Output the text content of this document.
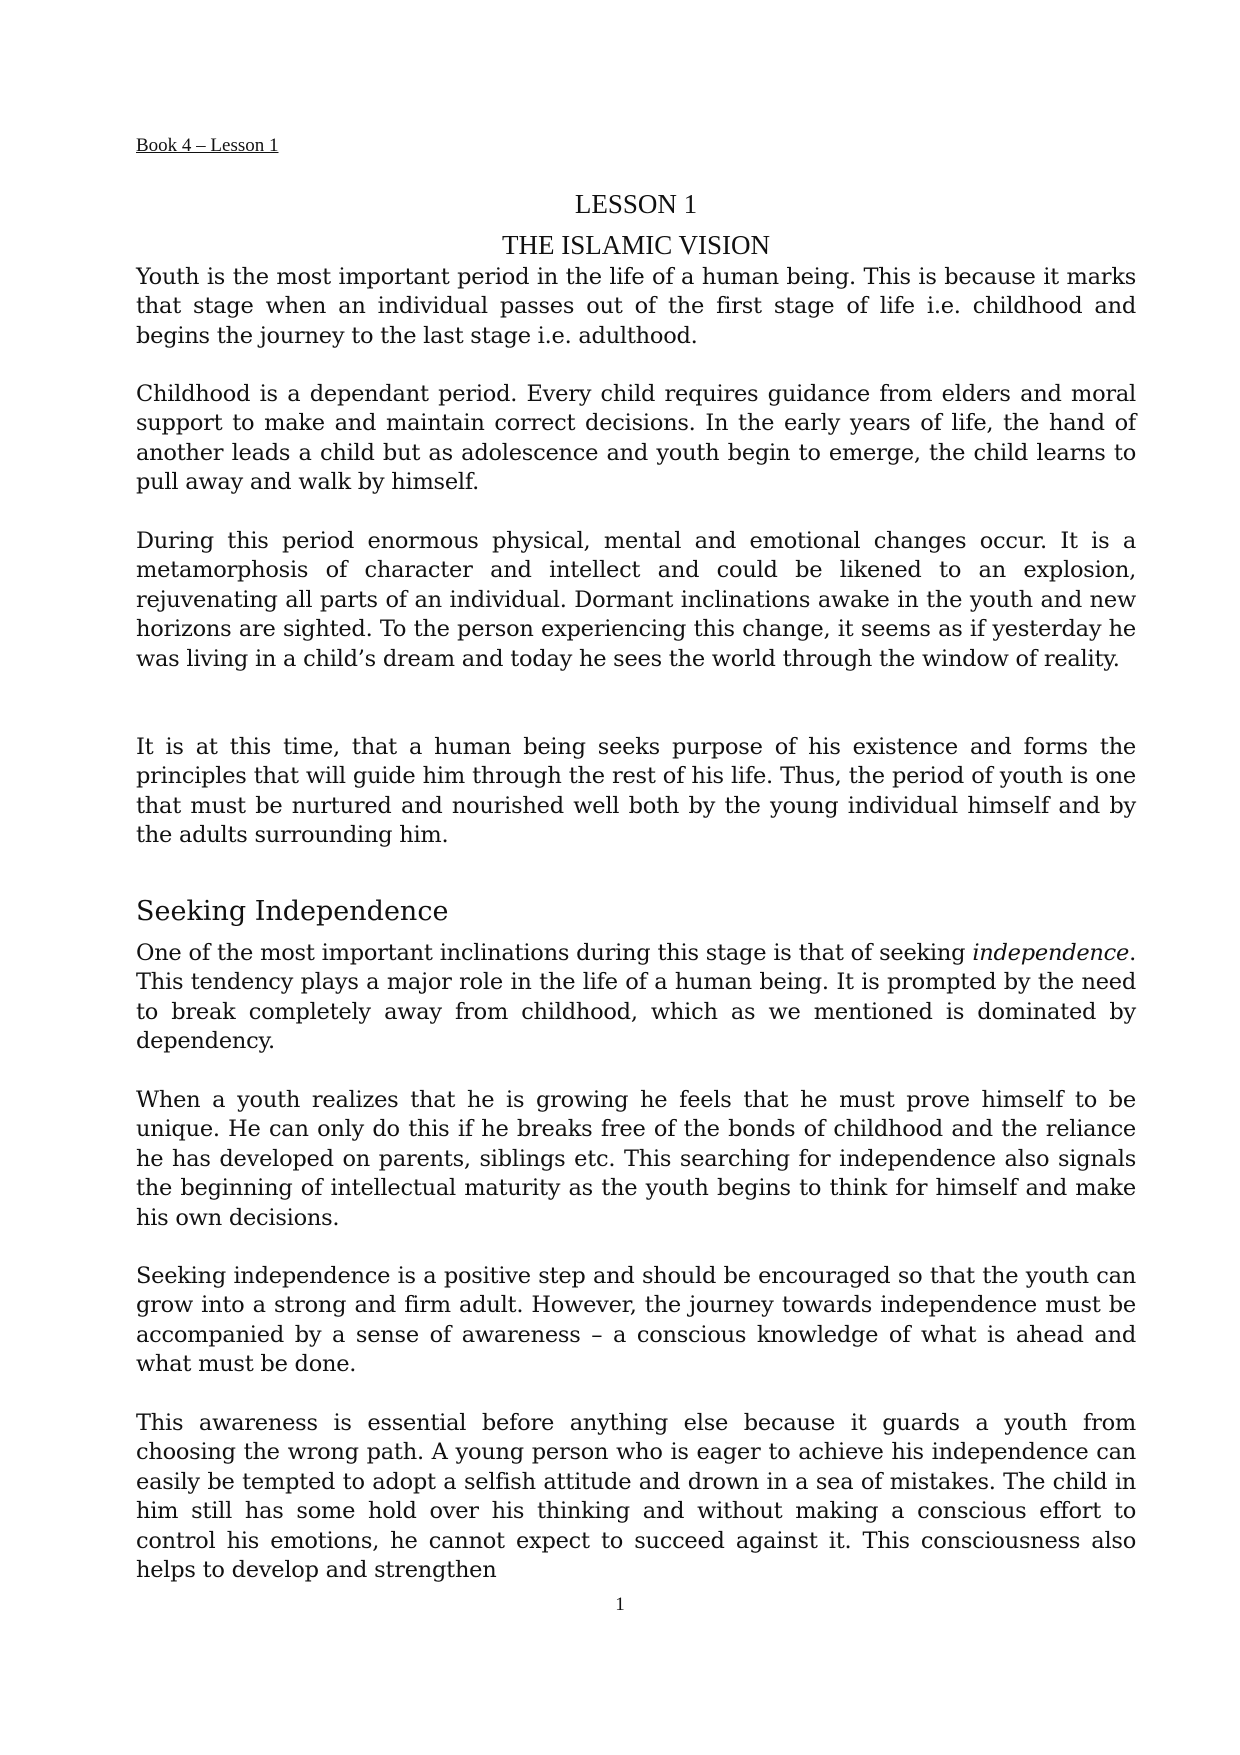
Book 4 – Lesson 1
LESSON 1
THE ISLAMIC VISION

Youth is the most important period in the life of a human being. This is because it marks that stage when an individual passes out of the first stage of life i.e. childhood and begins the journey to the last stage i.e. adulthood.

Childhood is a dependant period. Every child requires guidance from elders and moral support to make and maintain correct decisions. In the early years of life, the hand of another leads a child but as adolescence and youth begin to emerge, the child learns to pull away and walk by himself.

During this period enormous physical, mental and emotional changes occur. It is a metamorphosis of character and intellect and could be likened to an explosion, rejuvenating all parts of an individual. Dormant inclinations awake in the youth and new horizons are sighted. To the person experiencing this change, it seems as if yesterday he was living in a child’s dream and today he sees the world through the window of reality.

It is at this time, that a human being seeks purpose of his existence and forms the principles that will guide him through the rest of his life. Thus, the period of youth is one that must be nurtured and nourished well both by the young individual himself and by the adults surrounding him.

Seeking Independence

One of the most important inclinations during this stage is that of seeking independence. This tendency plays a major role in the life of a human being. It is prompted by the need to break completely away from childhood, which as we mentioned is dominated by dependency.

When a youth realizes that he is growing he feels that he must prove himself to be unique. He can only do this if he breaks free of the bonds of childhood and the reliance he has developed on parents, siblings etc. This searching for independence also signals the beginning of intellectual maturity as the youth begins to think for himself and make his own decisions.

Seeking independence is a positive step and should be encouraged so that the youth can grow into a strong and firm adult. However, the journey towards independence must be accompanied by a sense of awareness – a conscious knowledge of what is ahead and what must be done.

This awareness is essential before anything else because it guards a youth from choosing the wrong path. A young person who is eager to achieve his independence can easily be tempted to adopt a selfish attitude and drown in a sea of mistakes. The child in him still has some hold over his thinking and without making a conscious effort to control his emotions, he cannot expect to succeed against it. This consciousness also helps to develop and strengthen

1
